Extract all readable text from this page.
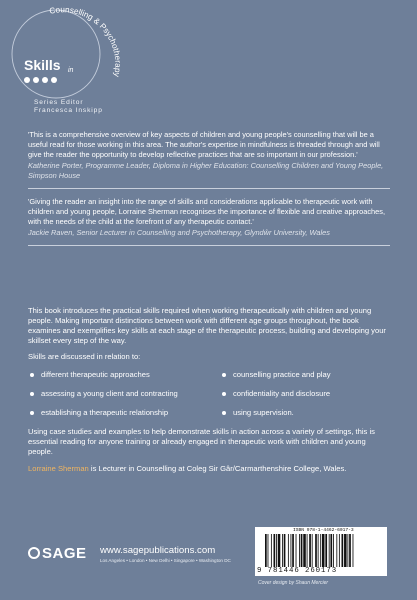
Skills in
Counselling & Psychotherapy
Series Editor
Francesca Inskipp

'This is a comprehensive overview of key aspects of children and young people's counselling that will be a useful read for those working in this area. The author's expertise in mindfulness is threaded through and will give the reader the opportunity to develop reflective practices that are so important in our profession.'

Katherine Porter, Programme Leader, Diploma in Higher Education: Counselling Children and Young People, Simpson House

'Giving the reader an insight into the range of skills and considerations applicable to therapeutic work with children and young people, Lorraine Sherman recognises the importance of flexible and creative approaches, with the needs of the child at the forefront of any therapeutic contact.'

Jackie Raven, Senior Lecturer in Counselling and Psychotherapy, Glyndŵr University, Wales

This book introduces the practical skills required when working therapeutically with children and young people. Making important distinctions between work with different age groups throughout, the book examines and exemplifies key skills at each stage of the therapeutic process, building and developing your skillset every step of the way.

Skills are discussed in relation to:

different therapeutic approaches	counselling practice and play
assessing a young client and contracting	confidentiality and disclosure
establishing a therapeutic relationship	using supervision.

Using case studies and examples to help demonstrate skills in action across a variety of settings, this is essential reading for anyone training or already engaged in therapeutic work with children and young people.

Lorraine Sherman is Lecturer in Counselling at Coleg Sir Gâr/Carmarthenshire College, Wales.
SAGE www.sagepublications.com
Los Angeles • London • New Delhi • Singapore • Washington DC
ISBN 978-1-4462-6017-3
9 781446 260173
Cover design by Shaun Mercier
